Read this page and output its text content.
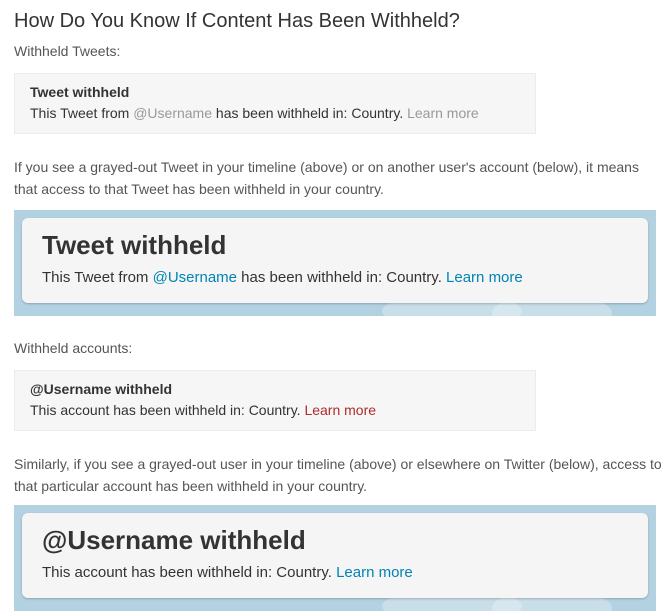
How Do You Know If Content Has Been Withheld?

Withheld Tweets:

Tweet withheld

This Tweet from @Username has been withheld in: Country. Learn more

If you see a grayed-out Tweet in your timeline (above) or on another user's account (below), it means that access to that Tweet has been withheld in your country.

Tweet withheld

This Tweet from @Username has been withheld in: Country. Learn more

Withheld accounts:

@Username withheld

This account has been withheld in: Country. Learn more

Similarly, if you see a grayed-out user in your timeline (above) or elsewhere on Twitter (below), access to that particular account has been withheld in your country.

@Username withheld

This account has been withheld in: Country. Learn more
